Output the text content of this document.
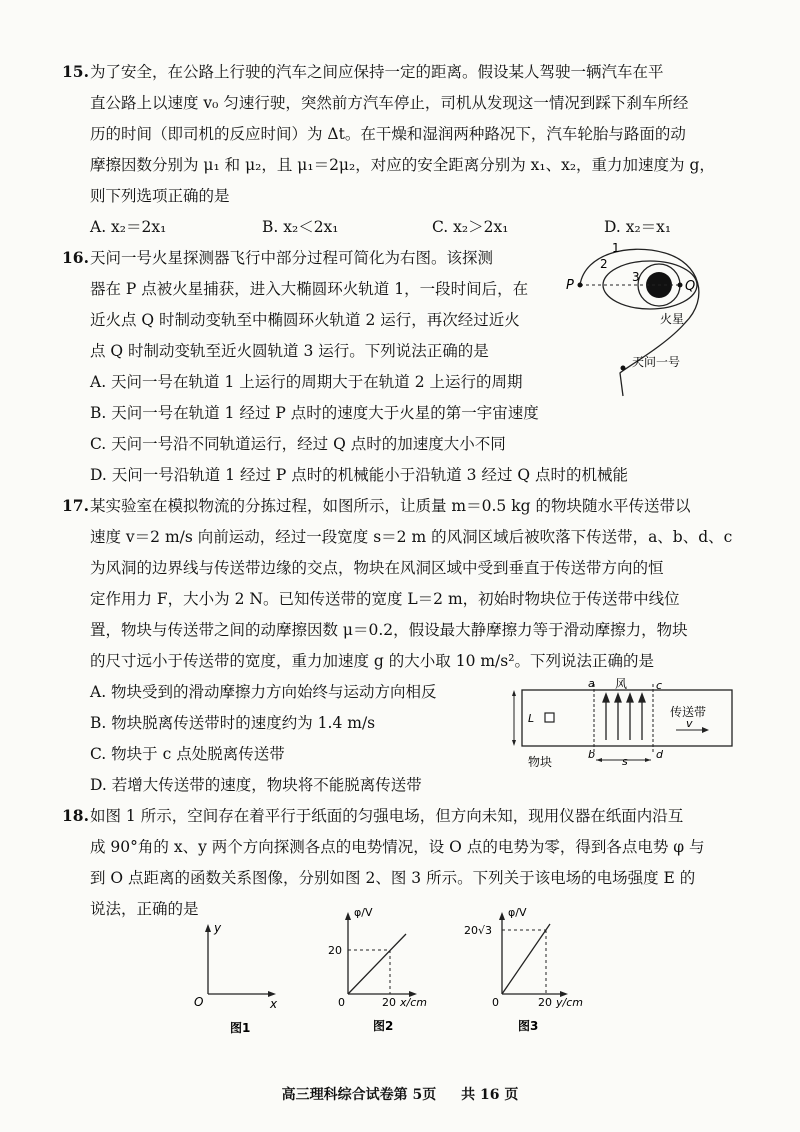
15. 为了安全，在公路上行驶的汽车之间应保持一定的距离。假设某人驾驶一辆汽车在平
直公路上以速度 v₀ 匀速行驶，突然前方汽车停止，司机从发现这一情况到踩下刹车所经
历的时间（即司机的反应时间）为 Δt。在干燥和湿润两种路况下，汽车轮胎与路面的动
摩擦因数分别为 μ₁ 和 μ₂，且 μ₁＝2μ₂，对应的安全距离分别为 x₁、x₂，重力加速度为 g，
则下列选项正确的是
A. x₂＝2x₁	B. x₂＜2x₁	C. x₂＞2x₁	D. x₂＝x₁
16. 天问一号火星探测器飞行中部分过程可简化为右图。该探测
器在 P 点被火星捕获，进入大椭圆环火轨道 1，一段时间后，在
近火点 Q 时制动变轨至中椭圆环火轨道 2 运行，再次经过近火
点 Q 时制动变轨至近火圆轨道 3 运行。下列说法正确的是
A. 天问一号在轨道 1 上运行的周期大于在轨道 2 上运行的周期
B. 天问一号在轨道 1 经过 P 点时的速度大于火星的第一宇宙速度
C. 天问一号沿不同轨道运行，经过 Q 点时的加速度大小不同
D. 天问一号沿轨道 1 经过 P 点时的机械能小于沿轨道 3 经过 Q 点时的机械能
1
2
3
P	Q
火星
天问一号
17. 某实验室在模拟物流的分拣过程，如图所示，让质量 m＝0.5 kg 的物块随水平传送带以
速度 v＝2 m/s 向前运动，经过一段宽度 s＝2 m 的风洞区域后被吹落下传送带，a、b、d、c
为风洞的边界线与传送带边缘的交点，物块在风洞区域中受到垂直于传送带方向的恒
定作用力 F，大小为 2 N。已知传送带的宽度 L＝2 m，初始时物块位于传送带中线位
置，物块与传送带之间的动摩擦因数 μ＝0.2，假设最大静摩擦力等于滑动摩擦力，物块
的尺寸远小于传送带的宽度，重力加速度 g 的大小取 10 m/s²。下列说法正确的是
A. 物块受到的滑动摩擦力方向始终与运动方向相反
B. 物块脱离传送带时的速度约为 1.4 m/s
C. 物块于 c 点处脱离传送带
D. 若增大传送带的速度，物块将不能脱离传送带
a	c
风
b	d
s
L	传送带
v
物块
18. 如图 1 所示，空间存在着平行于纸面的匀强电场，但方向未知，现用仪器在纸面内沿互
成 90°角的 x、y 两个方向探测各点的电势情况，设 O 点的电势为零，得到各点电势 φ 与
到 O 点距离的函数关系图像，分别如图 2、图 3 所示。下列关于该电场的电场强度 E 的
说法，正确的是
y
x
O
图1
φ/V
20
20 x/cm
0
图2
φ/V
20√3
20 y/cm
0
图3
高三理科综合试卷第 5页 共 16 页
